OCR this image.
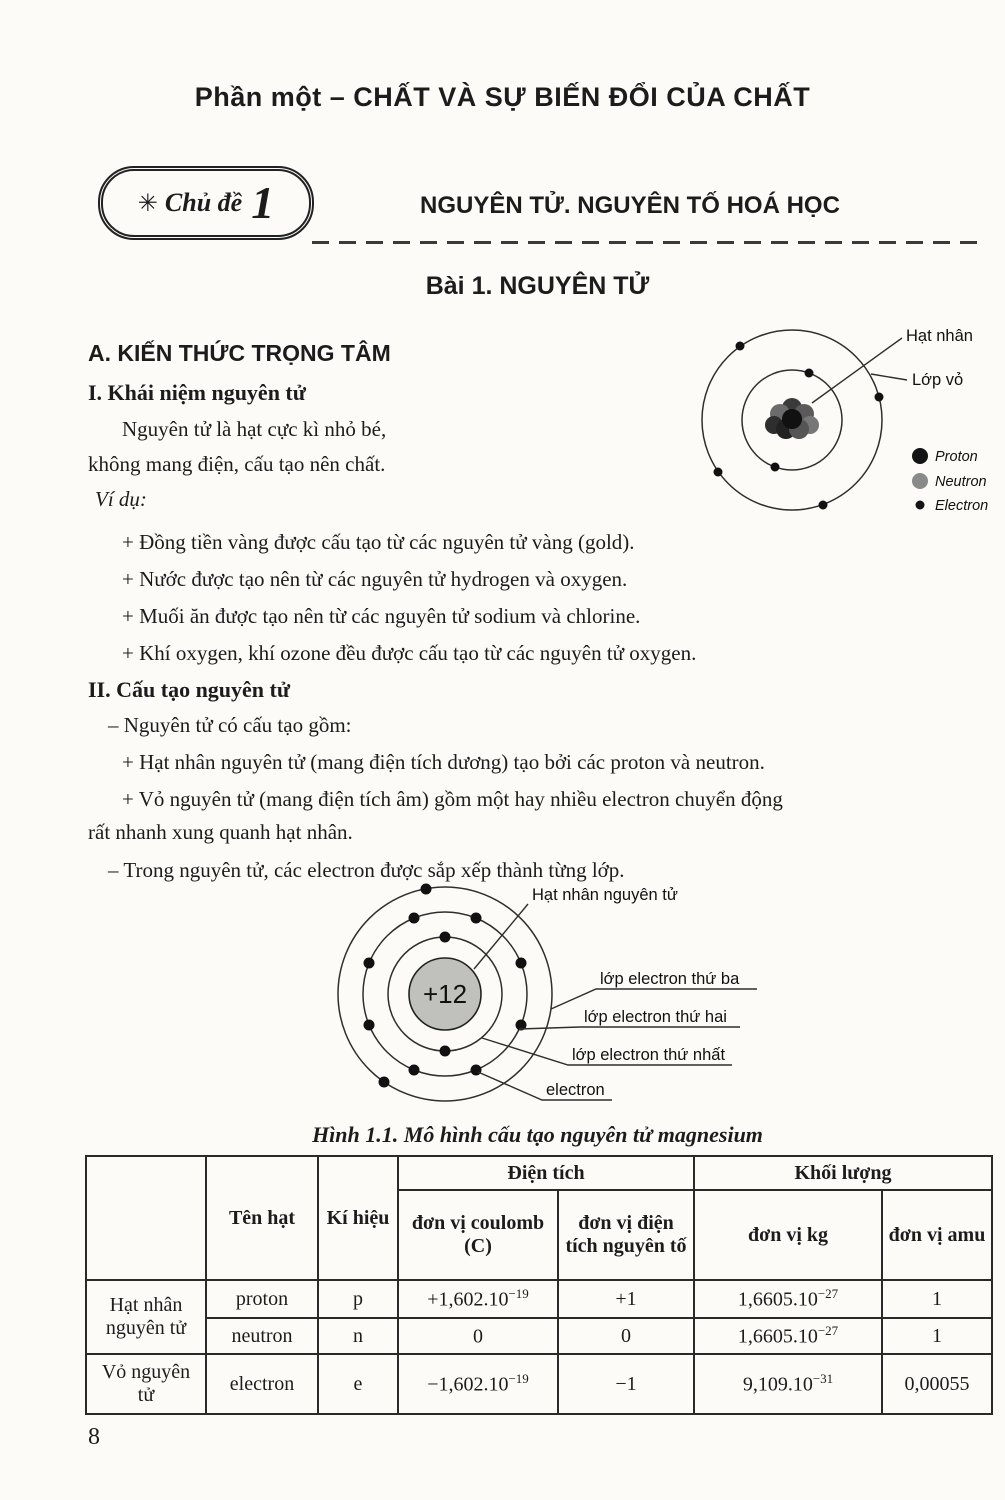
Phần một – CHẤT VÀ SỰ BIẾN ĐỔI CỦA CHẤT
✳ Chủ đề 1	NGUYÊN TỬ. NGUYÊN TỐ HOÁ HỌC
Bài 1. NGUYÊN TỬ
Hạt nhân
Lớp vỏ
Proton
Neutron
Electron
A. KIẾN THỨC TRỌNG TÂM
I. Khái niệm nguyên tử
Nguyên tử là hạt cực kì nhỏ bé,
không mang điện, cấu tạo nên chất.
Ví dụ:
+ Đồng tiền vàng được cấu tạo từ các nguyên tử vàng (gold).
+ Nước được tạo nên từ các nguyên tử hydrogen và oxygen.
+ Muối ăn được tạo nên từ các nguyên tử sodium và chlorine.
+ Khí oxygen, khí ozone đều được cấu tạo từ các nguyên tử oxygen.
II. Cấu tạo nguyên tử
– Nguyên tử có cấu tạo gồm:
+ Hạt nhân nguyên tử (mang điện tích dương) tạo bởi các proton và neutron.
+ Vỏ nguyên tử (mang điện tích âm) gồm một hay nhiều electron chuyển động
rất nhanh xung quanh hạt nhân.
– Trong nguyên tử, các electron được sắp xếp thành từng lớp.
+12
Hạt nhân nguyên tử
lớp electron thứ ba
lớp electron thứ hai
lớp electron thứ nhất
electron
Hình 1.1. Mô hình cấu tạo nguyên tử magnesium
	Tên hạt	Kí hiệu	Điện tích		Khối lượng	
			đơn vị coulomb (C)	đơn vị điện tích nguyên tố	đơn vị kg	đơn vị amu
Hạt nhân nguyên tử	proton	p	$+1,602.10^{-19}$	+1	$1,6605.10^{-27}$	1
	neutron	n	0	0	$1,6605.10^{-27}$	1
Vỏ nguyên tử	electron	e	$-1,602.10^{-19}$	−1	$9,109.10^{-31}$	0,00055
8
